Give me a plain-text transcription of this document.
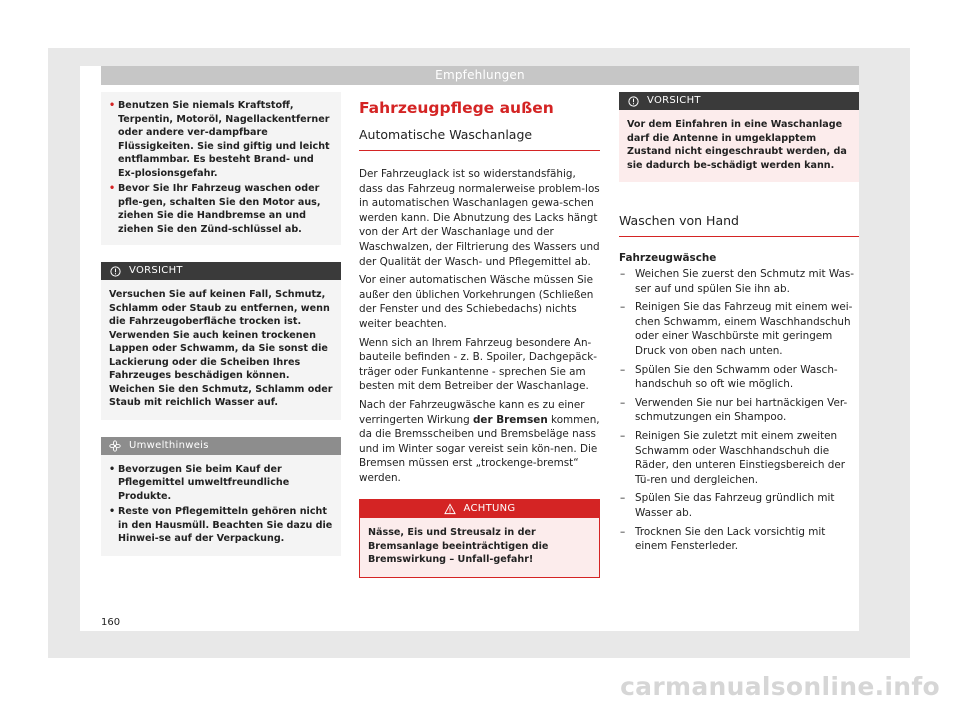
Empfehlungen
• Benutzen Sie niemals Kraftstoff, Terpentin, Motoröl, Nagellackentferner oder andere ver-dampfbare Flüssigkeiten. Sie sind giftig und leicht entflammbar. Es besteht Brand- und Ex-plosionsgefahr.
• Bevor Sie Ihr Fahrzeug waschen oder pfle-gen, schalten Sie den Motor aus, ziehen Sie die Handbremse an und ziehen Sie den Zünd-schlüssel ab.
VORSICHT
Versuchen Sie auf keinen Fall, Schmutz, Schlamm oder Staub zu entfernen, wenn die Fahrzeugoberfläche trocken ist. Verwenden Sie auch keinen trockenen Lappen oder Schwamm, da Sie sonst die Lackierung oder die Scheiben Ihres Fahrzeuges beschädigen können. Weichen Sie den Schmutz, Schlamm oder Staub mit reichlich Wasser auf.
Umwelthinweis
• Bevorzugen Sie beim Kauf der Pflegemittel umweltfreundliche Produkte.
• Reste von Pflegemitteln gehören nicht in den Hausmüll. Beachten Sie dazu die Hinwei-se auf der Verpackung.
Fahrzeugpflege außen
Automatische Waschanlage

Der Fahrzeuglack ist so widerstandsfähig, dass das Fahrzeug normalerweise problem-los in automatischen Waschanlagen gewa-schen werden kann. Die Abnutzung des Lacks hängt von der Art der Waschanlage und der Waschwalzen, der Filtrierung des Wassers und der Qualität der Wasch- und Pflegemittel ab.

Vor einer automatischen Wäsche müssen Sie außer den üblichen Vorkehrungen (Schließen der Fenster und des Schiebedachs) nichts weiter beachten.

Wenn sich an Ihrem Fahrzeug besondere An-bauteile befinden - z. B. Spoiler, Dachgepäck-träger oder Funkantenne - sprechen Sie am besten mit dem Betreiber der Waschanlage.

Nach der Fahrzeugwäsche kann es zu einer verringerten Wirkung der Bremsen kommen, da die Bremsscheiben und Bremsbeläge nass und im Winter sogar vereist sein kön-nen. Die Bremsen müssen erst „trockenge-bremst“ werden.

ACHTUNG
Nässe, Eis und Streusalz in der Bremsanlage beeinträchtigen die Bremswirkung – Unfall-gefahr!
VORSICHT
Vor dem Einfahren in eine Waschanlage darf die Antenne in umgeklapptem Zustand nicht eingeschraubt werden, da sie dadurch be-schädigt werden kann.
Waschen von Hand
Fahrzeugwäsche
– Weichen Sie zuerst den Schmutz mit Was-ser auf und spülen Sie ihn ab.
– Reinigen Sie das Fahrzeug mit einem wei-chen Schwamm, einem Waschhandschuh oder einer Waschbürste mit geringem Druck von oben nach unten.
– Spülen Sie den Schwamm oder Wasch-handschuh so oft wie möglich.
– Verwenden Sie nur bei hartnäckigen Ver-schmutzungen ein Shampoo.
– Reinigen Sie zuletzt mit einem zweiten Schwamm oder Waschhandschuh die Räder, den unteren Einstiegsbereich der Tü-ren und dergleichen.
– Spülen Sie das Fahrzeug gründlich mit Wasser ab.
– Trocknen Sie den Lack vorsichtig mit einem Fensterleder.
160
carmanualsonline.info
